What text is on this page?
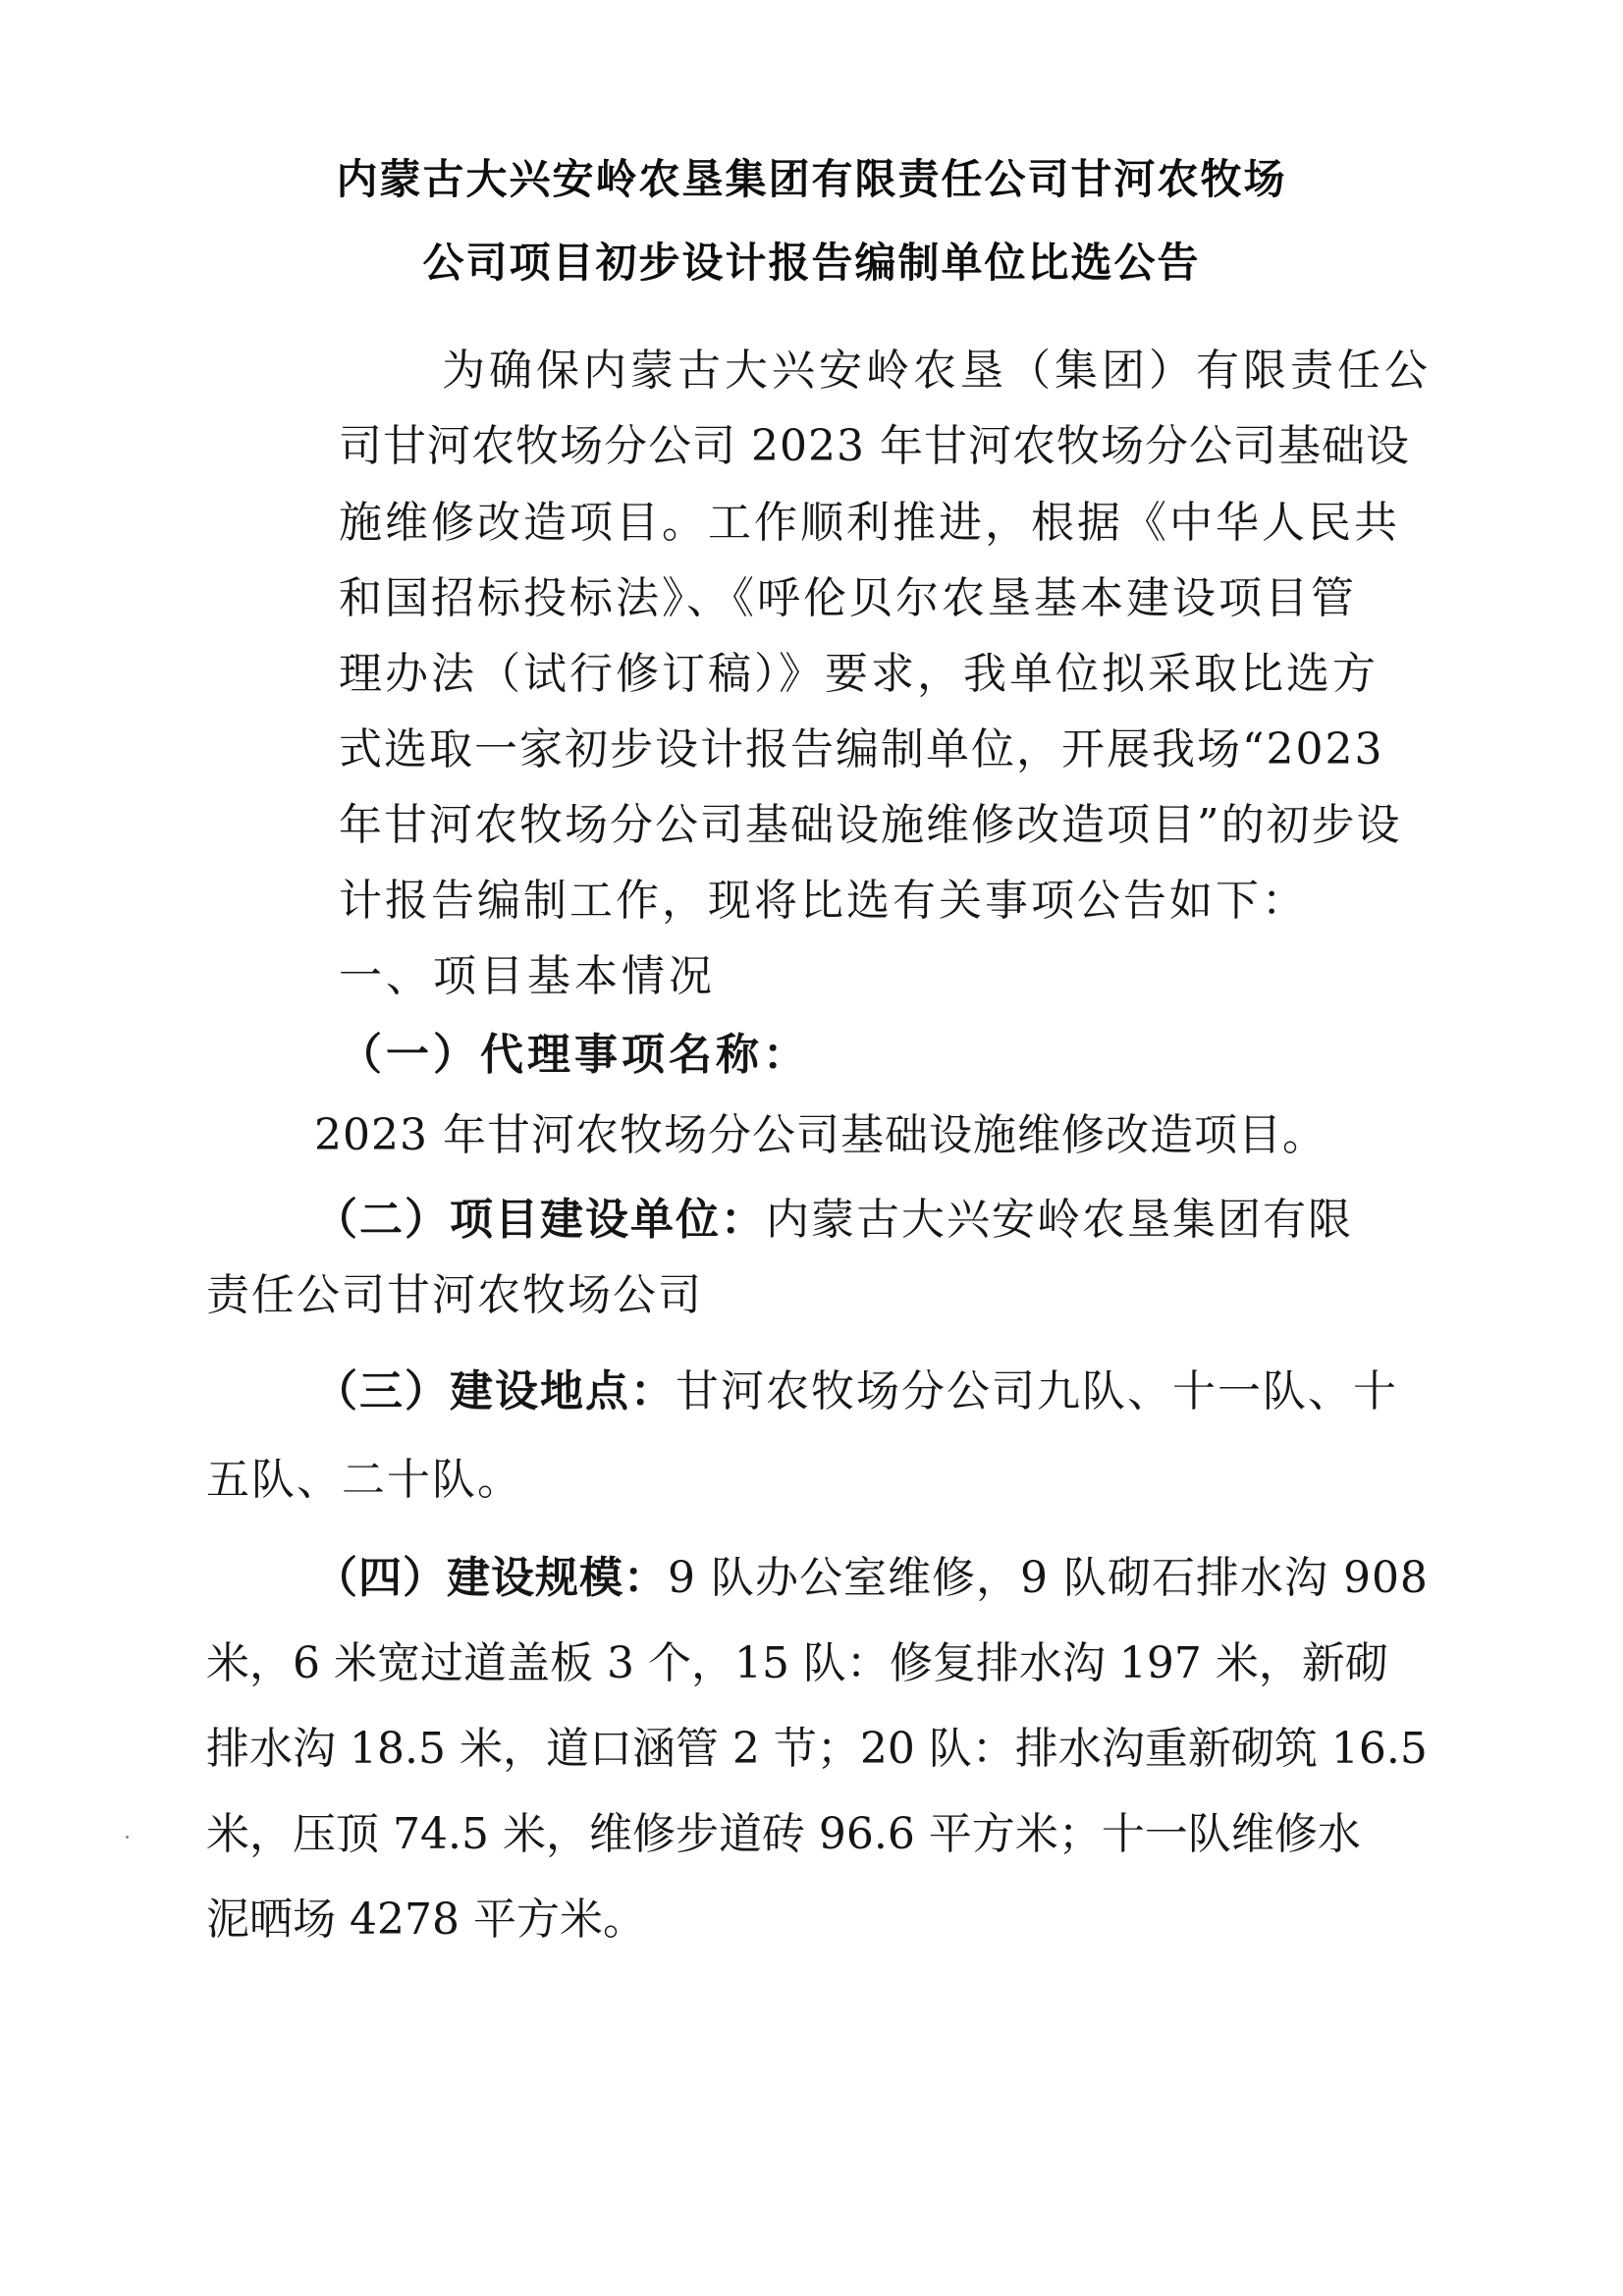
内蒙古大兴安岭农垦集团有限责任公司甘河农牧场
公司项目初步设计报告编制单位比选公告
为确保内蒙古大兴安岭农垦（集团）有限责任公
司甘河农牧场分公司 2023 年甘河农牧场分公司基础设
施维修改造项目。工作顺利推进，根据《中华人民共
和国招标投标法》、《呼伦贝尔农垦基本建设项目管
理办法（试行修订稿）》要求，我单位拟采取比选方
式选取一家初步设计报告编制单位，开展我场“2023
年甘河农牧场分公司基础设施维修改造项目”的初步设
计报告编制工作，现将比选有关事项公告如下：
一、项目基本情况
（一）代理事项名称：
2023 年甘河农牧场分公司基础设施维修改造项目。
（二）项目建设单位：内蒙古大兴安岭农垦集团有限
责任公司甘河农牧场公司
（三）建设地点：甘河农牧场分公司九队、十一队、十
五队、二十队。
（四）建设规模：9 队办公室维修，9 队砌石排水沟 908
米，6 米宽过道盖板 3 个，15 队：修复排水沟 197 米，新砌
排水沟 18.5 米，道口涵管 2 节；20 队：排水沟重新砌筑 16.5
米，压顶 74.5 米，维修步道砖 96.6 平方米；十一队维修水
泥晒场 4278 平方米。
